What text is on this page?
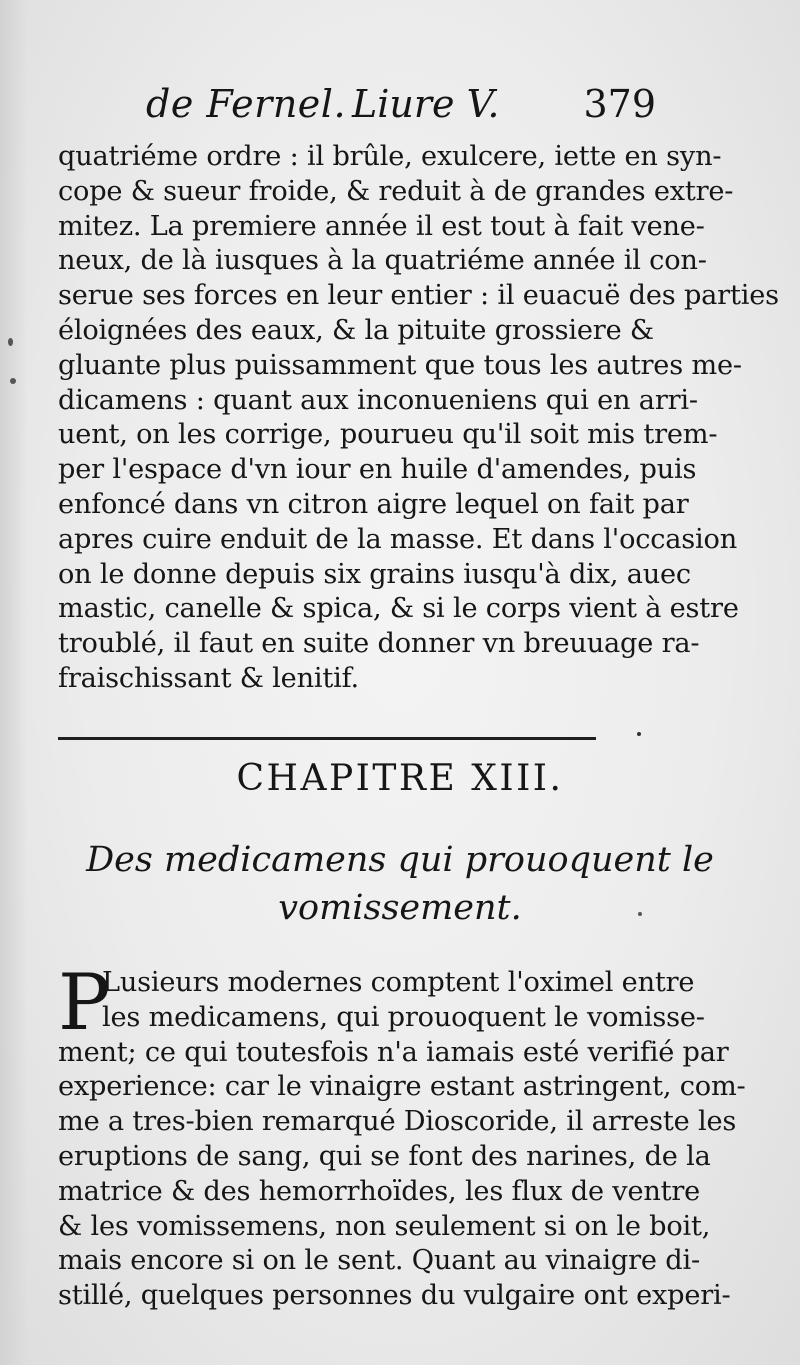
de Fernel. Liure V. 379
quatriéme ordre : il brûle, exulcere, iette en syn-
cope & sueur froide, & reduit à de grandes extre-
mitez. La premiere année il est tout à fait vene-
neux, de là iusques à la quatriéme année il con-
serue ses forces en leur entier : il euacuë des parties
éloignées des eaux, & la pituite grossiere &
gluante plus puissamment que tous les autres me-
dicamens : quant aux inconueniens qui en arri-
uent, on les corrige, pourueu qu'il soit mis trem-
per l'espace d'vn iour en huile d'amendes, puis
enfoncé dans vn citron aigre lequel on fait par
apres cuire enduit de la masse. Et dans l'occasion
on le donne depuis six grains iusqu'à dix, auec
mastic, canelle & spica, & si le corps vient à estre
troublé, il faut en suite donner vn breuuage ra-
fraischissant & lenitif.
CHAPITRE XIII.
Des medicamens qui prouoquent le
vomissement.
P
Lusieurs modernes comptent l'oximel entre
les medicamens, qui prouoquent le vomisse-
ment; ce qui toutesfois n'a iamais esté verifié par
experience: car le vinaigre estant astringent, com-
me a tres-bien remarqué Dioscoride, il arreste les
eruptions de sang, qui se font des narines, de la
matrice & des hemorrhoïdes, les flux de ventre
& les vomissemens, non seulement si on le boit,
mais encore si on le sent. Quant au vinaigre di-
stillé, quelques personnes du vulgaire ont experi-
